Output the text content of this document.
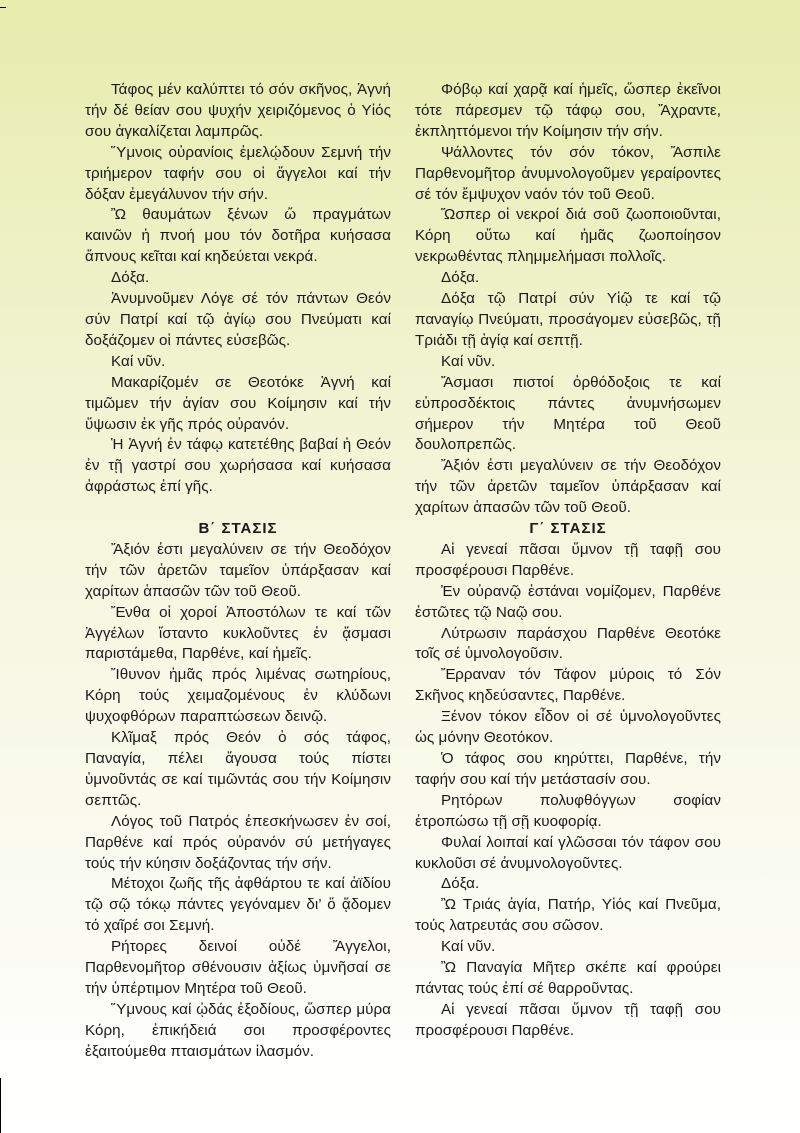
Τάφος μέν καλύπτει τό σόν σκῆνος, Ἁγνή τήν δέ θείαν σου ψυχήν χειριζόμενος ὁ Υἱός σου ἀγκαλίζεται λαμπρῶς.

Ὕμνοις οὐρανίοις ἐμελῴδουν Σεμνή τήν τριήμερον ταφήν σου οἱ ἄγγελοι καί τήν δόξαν ἐμεγάλυνον τήν σήν.

Ὢ θαυμάτων ξένων ὤ πραγμάτων καινῶν ἡ πνοή μου τόν δοτῆρα κυήσασα ἄπνους κεῖται καί κηδεύεται νεκρά.

Δόξα.

Ἀνυμνοῦμεν Λόγε σέ τόν πάντων Θεόν σύν Πατρί καί τῷ ἁγίῳ σου Πνεύματι καί δοξάζομεν οἱ πάντες εὐσεβῶς.

Καί νῦν.

Μακαρίζομέν σε Θεοτόκε Ἁγνή καί τιμῶμεν τήν ἁγίαν σου Κοίμησιν καί τήν ὕψωσιν ἐκ γῆς πρός οὐρανόν.

Ἡ Ἁγνή ἐν τάφῳ κατετέθης βαβαί ἡ Θεόν ἐν τῇ γαστρί σου χωρήσασα καί κυήσασα ἀφράστως ἐπί γῆς.

Φόβῳ καί χαρᾷ καί ἡμεῖς, ὥσπερ ἐκεῖνοι τότε πάρεσμεν τῷ τάφῳ σου, Ἄχραντε, ἐκπληττόμενοι τήν Κοίμησιν τήν σήν.

Ψάλλοντες τόν σόν τόκον, Ἄσπιλε Παρθενομῆτορ ἀνυμνολογοῦμεν γεραίροντες σέ τόν ἔμψυχον ναόν τόν τοῦ Θεοῦ.

Ὥσπερ οἱ νεκροί διά σοῦ ζωοποιοῦνται, Κόρη οὕτω καί ἡμᾶς ζωοποίησον νεκρωθέντας πλημμελήμασι πολλοῖς.

Δόξα.

Δόξα τῷ Πατρί σύν Υἱῷ τε καί τῷ παναγίῳ Πνεύματι, προσάγομεν εὐσεβῶς, τῇ Τριάδι τῇ ἁγίᾳ καί σεπτῇ.

Καί νῦν.

Ἄσμασι πιστοί ὀρθόδοξοις τε καί εὐπροσδέκτοις πάντες ἀνυμνήσωμεν σήμερον τήν Μητέρα τοῦ Θεοῦ δουλοπρεπῶς.

Ἄξιόν ἐστι μεγαλύνειν σε τήν Θεοδόχον τήν τῶν ἀρετῶν ταμεῖον ὑπάρξασαν καί χαρίτων ἁπασῶν τῶν τοῦ Θεοῦ.

Β΄ ΣΤΑΣΙΣ

Ἄξιόν ἐστι μεγαλύνειν σε τήν Θεοδόχον τήν τῶν ἀρετῶν ταμεῖον ὑπάρξασαν καί χαρίτων ἁπασῶν τῶν τοῦ Θεοῦ.

Ἔνθα οἱ χοροί Ἀποστόλων τε καί τῶν Ἀγγέλων ἵσταντο κυκλοῦντες ἐν ᾄσμασι παριστάμεθα, Παρθένε, καί ἡμεῖς.

Ἴθυνον ἡμᾶς πρός λιμένας σωτηρίους, Κόρη τούς χειμαζομένους ἐν κλύδωνι ψυχοφθόρων παραπτώσεων δεινῷ.

Κλῖμαξ πρός Θεόν ὁ σός τάφος, Παναγία, πέλει ἄγουσα τούς πίστει ὑμνοῦντάς σε καί τιμῶντάς σου τήν Κοίμησιν σεπτῶς.

Λόγος τοῦ Πατρός ἐπεσκήνωσεν ἐν σοί, Παρθένε καί πρός οὐρανόν σύ μετήγαγες τούς τήν κύησιν δοξάζοντας τήν σήν.

Μέτοχοι ζωῆς τῆς ἀφθάρτου τε καί ἀϊδίου τῷ σῷ τόκῳ πάντες γεγόναμεν δι’ ὅ ᾄδομεν τό χαῖρέ σοι Σεμνή.

Ρήτορες δεινοί οὐδέ Ἄγγελοι, Παρθενομῆτορ σθένουσιν ἀξίως ὑμνῆσαί σε τήν ὑπέρτιμον Μητέρα τοῦ Θεοῦ.

Ὕμνους καί ᾠδάς ἐξοδίους, ὥσπερ μύρα Κόρη, ἐπικήδειά σοι προσφέροντες ἐξαιτούμεθα πταισμάτων ἱλασμόν.

Γ΄ ΣΤΑΣΙΣ

Αἱ γενεαί πᾶσαι ὕμνον τῇ ταφῇ σου προσφέρουσι Παρθένε.

Ἐν οὐρανῷ ἑστάναι νομίζομεν, Παρθένε ἑστῶτες τῷ Ναῷ σου.

Λύτρωσιν παράσχου Παρθένε Θεοτόκε τοῖς σέ ὑμνολογοῦσιν.

Ἔρραναν τόν Τάφον μύροις τό Σόν Σκῆνος κηδεύσαντες, Παρθένε.

Ξένον τόκον εἶδον οἱ σέ ὑμνολογοῦντες ὡς μόνην Θεοτόκον.

Ὁ τάφος σου κηρύττει, Παρθένε, τήν ταφήν σου καί τήν μετάστασίν σου.

Ρητόρων πολυφθόγγων σοφίαν ἐτροπώσω τῇ σῇ κυοφορίᾳ.

Φυλαί λοιπαί καί γλῶσσαι τόν τάφον σου κυκλοῦσι σέ ἀνυμνολογοῦντες.

Δόξα.

Ὢ Τριάς ἁγία, Πατήρ, Υἱός καί Πνεῦμα, τούς λατρευτάς σου σῶσον.

Καί νῦν.

Ὢ Παναγία Μῆτερ σκέπε καί φρούρει πάντας τούς ἐπί σέ θαρροῦντας.

Αἱ γενεαί πᾶσαι ὕμνον τῇ ταφῇ σου προσφέρουσι Παρθένε.
